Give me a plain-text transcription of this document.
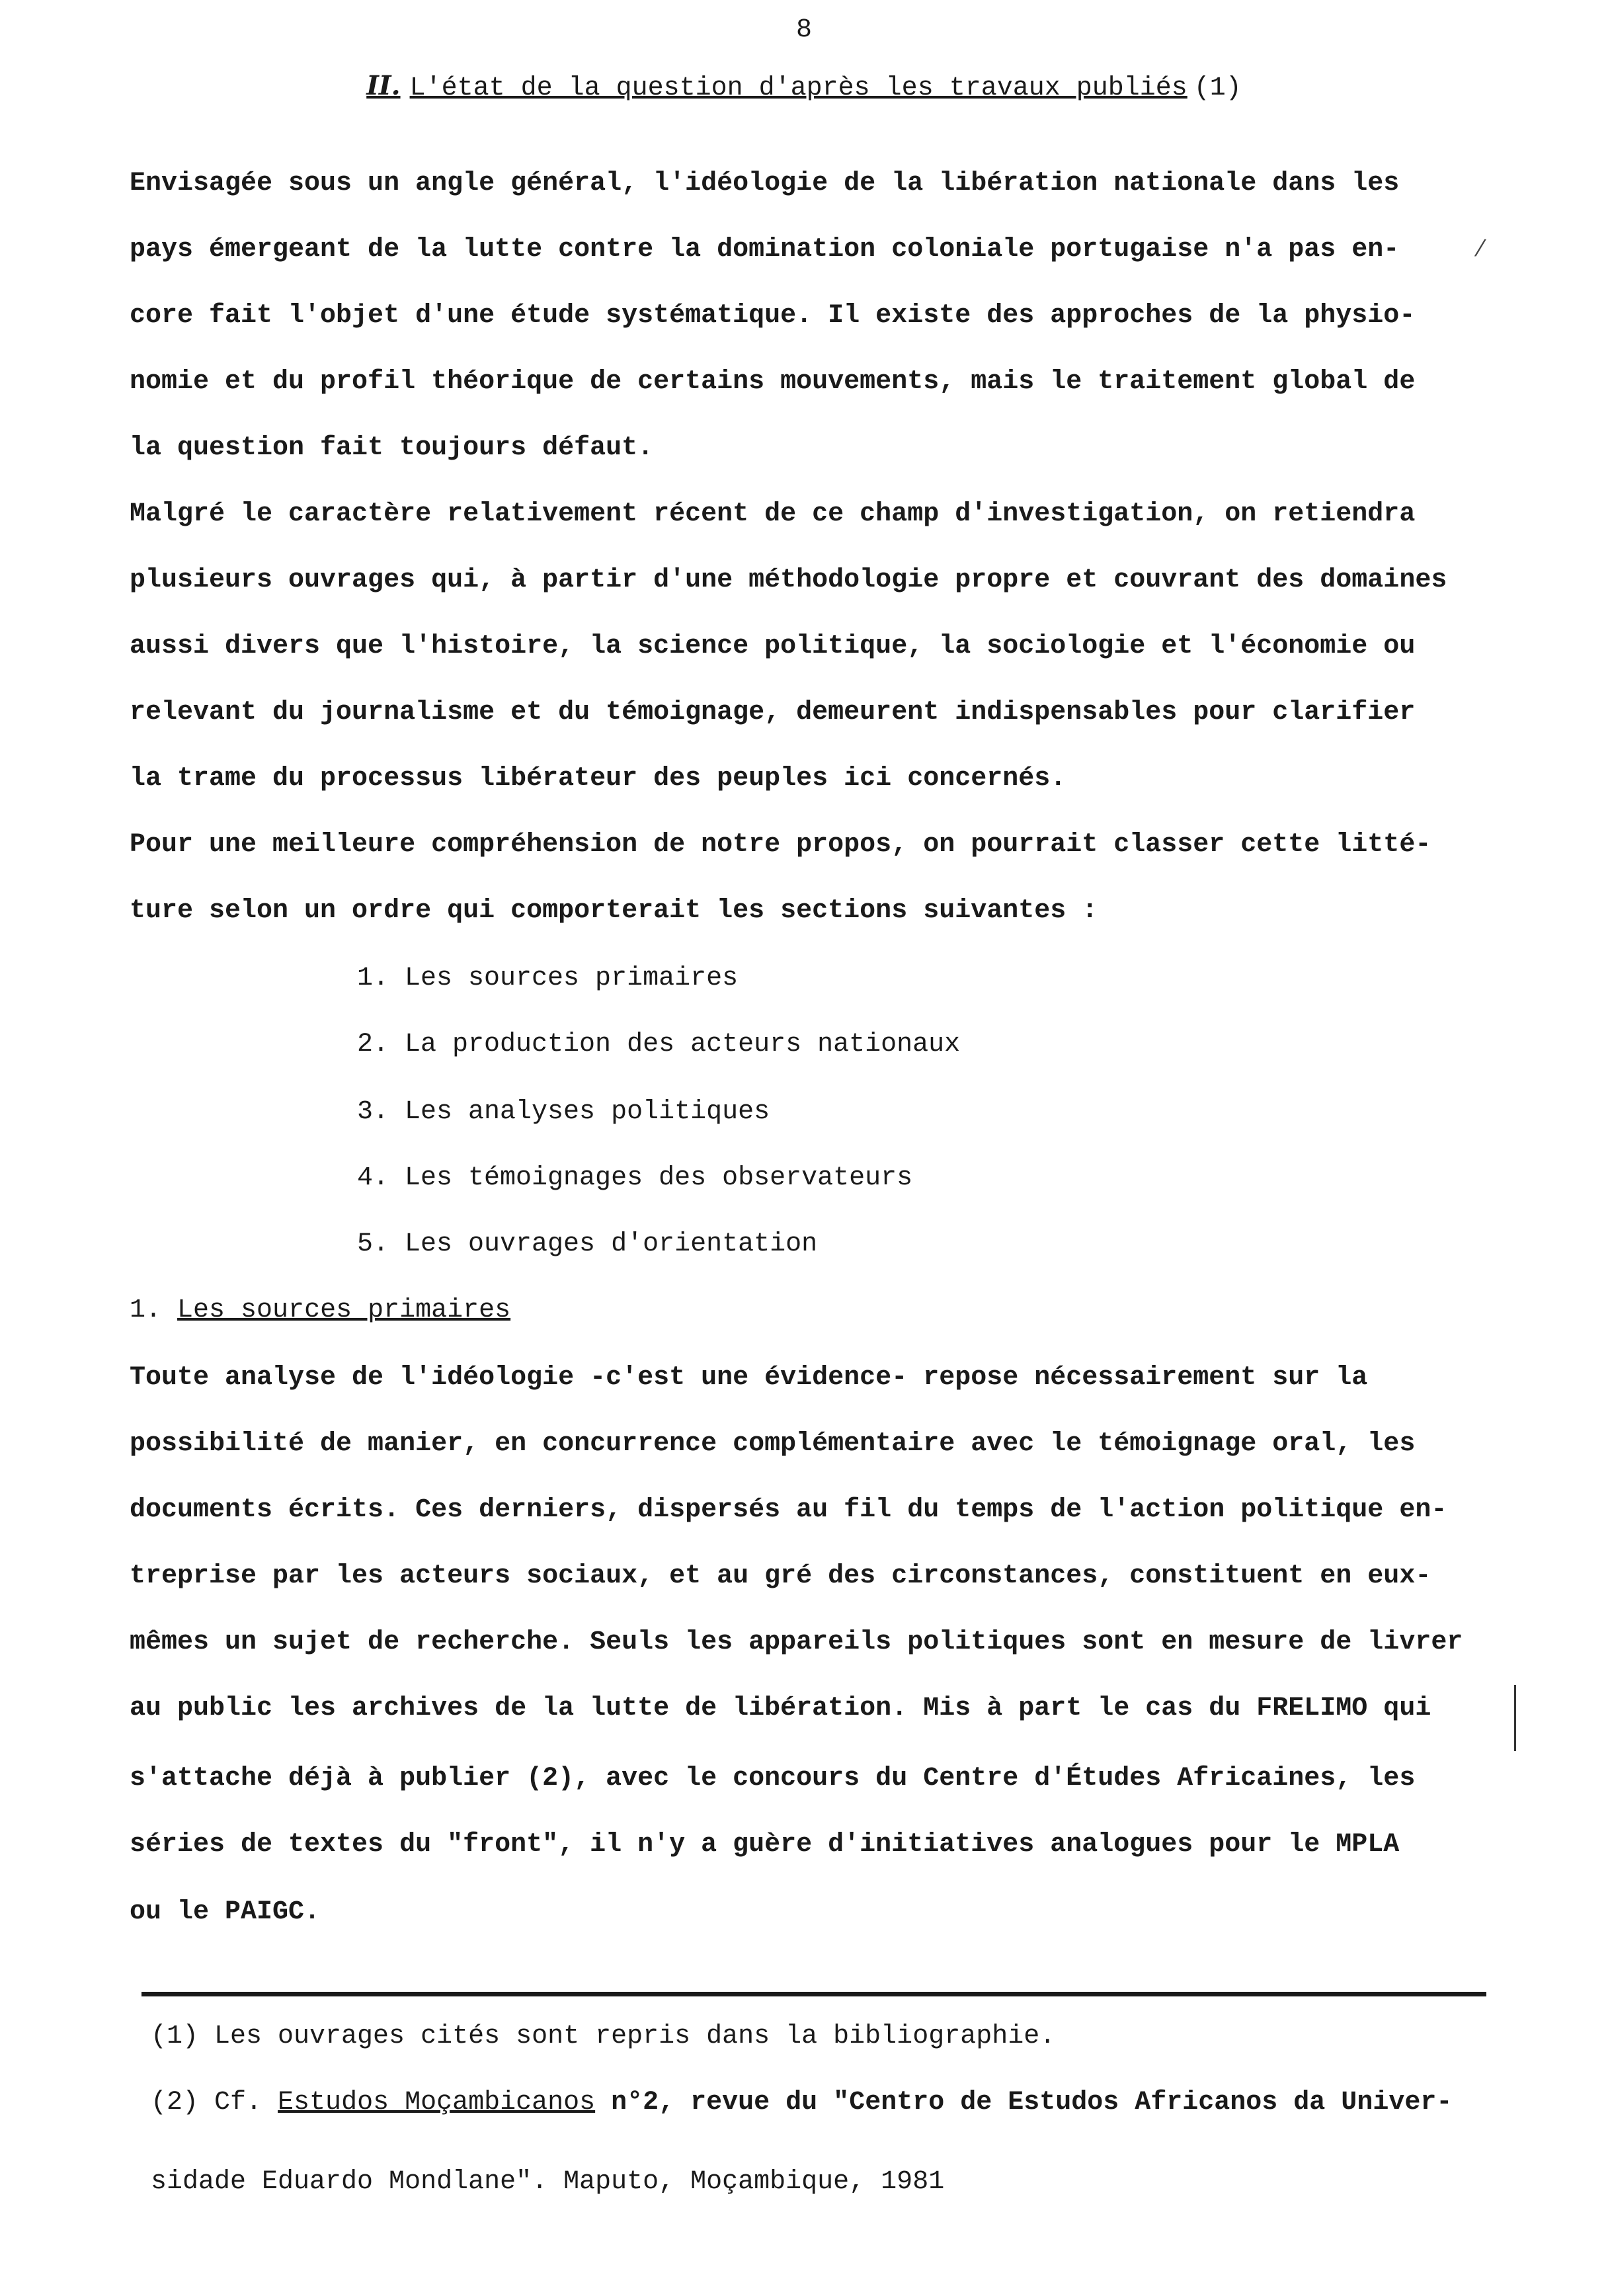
8
II. L'état de la question d'après les travaux publiés (1)
Envisagée sous un angle général, l'idéologie de la libération nationale dans les
pays émergeant de la lutte contre la domination coloniale portugaise n'a pas en-
core fait l'objet d'une étude systématique. Il existe des approches de la physio-
nomie et du profil théorique de certains mouvements, mais le traitement global de
la question fait toujours défaut.
Malgré le caractère relativement récent de ce champ d'investigation, on retiendra
plusieurs ouvrages qui, à partir d'une méthodologie propre et couvrant des domaines
aussi divers que l'histoire, la science politique, la sociologie et l'économie ou
relevant du journalisme et du témoignage, demeurent indispensables pour clarifier
la trame du processus libérateur des peuples ici concernés.
Pour une meilleure compréhension de notre propos, on pourrait classer cette litté-
ture selon un ordre qui comporterait les sections suivantes :
1. Les sources primaires
2. La production des acteurs nationaux
3. Les analyses politiques
4. Les témoignages des observateurs
5. Les ouvrages d'orientation
1. Les sources primaires
Toute analyse de l'idéologie -c'est une évidence- repose nécessairement sur la
possibilité de manier, en concurrence complémentaire avec le témoignage oral, les
documents écrits. Ces derniers, dispersés au fil du temps de l'action politique en-
treprise par les acteurs sociaux, et au gré des circonstances, constituent en eux-
mêmes un sujet de recherche. Seuls les appareils politiques sont en mesure de livrer
au public les archives de la lutte de libération. Mis à part le cas du FRELIMO qui
s'attache déjà à publier (2), avec le concours du Centre d'Études Africaines, les
séries de textes du "front", il n'y a guère d'initiatives analogues pour le MPLA
ou le PAIGC.
⁄
(1) Les ouvrages cités sont repris dans la bibliographie.
(2) Cf. Estudos Moçambicanos n°2, revue du "Centro de Estudos Africanos da Univer-
sidade Eduardo Mondlane". Maputo, Moçambique, 1981
